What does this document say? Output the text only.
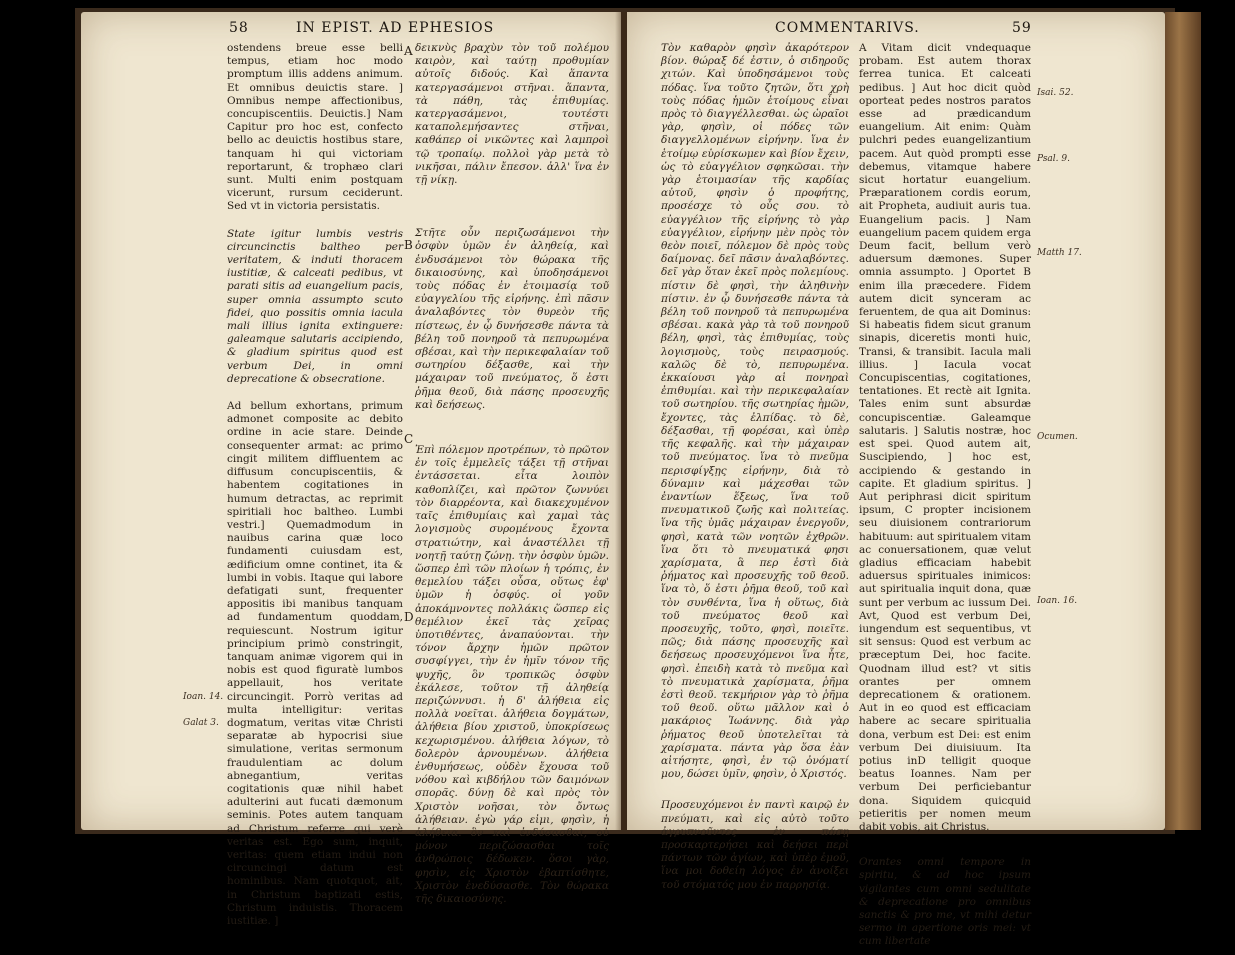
58	IN EPIST. AD EPHESIOS

ostendens breue esse belli tempus, etiam hoc modo promptum illis addens animum. Et omnibus deuictis stare. ] Omnibus nempe affectionibus, concupiscentiis. Deuictis.] Nam Capitur pro hoc est, confecto bello ac deuictis hostibus stare, tanquam hi qui victoriam reportarunt, & trophæo clari sunt. Multi enim postquam vicerunt, rursum ceciderunt. Sed vt in victoria persistatis.

State igitur lumbis vestris circuncinctis baltheo per veritatem, & induti thoracem iustitiæ, & calceati pedibus, vt parati sitis ad euangelium pacis, super omnia assumpto scuto fidei, quo possitis omnia iacula mali illius ignita extinguere: galeamque salutaris accipiendo, & gladium spiritus quod est verbum Dei, in omni deprecatione & obsecratione.

Ad bellum exhortans, primum admonet composite ac debito ordine in acie stare. Deinde consequenter armat: ac primo cingit militem diffluentem ac diffusum concupiscentiis, & habentem cogitationes in humum detractas, ac reprimit spiritiali hoc baltheo. Lumbi vestri.] Quemadmodum in nauibus carina quæ loco fundamenti cuiusdam est, ædificium omne continet, ita & lumbi in vobis. Itaque qui labore defatigati sunt, frequenter appositis ibi manibus tanquam ad fundamentum quoddam, requiescunt. Nostrum igitur principium primò constringit, tanquam animæ vigorem qui in nobis est quod figuratè lumbos appellauit, hos veritate circuncingit. Porrò veritas ad multa intelligitur: veritas dogmatum, veritas vitæ Christi separatæ ab hypocrisi siue simulatione, veritas sermonum fraudulentiam ac dolum abnegantium, veritas cogitationis quæ nihil habet adulterini aut fucati dæmonum seminis. Potes autem tanquam ad Christum referre qui verè veritas est. Ego sum, inquit, veritas: quem etiam indui non circuncingi datum est hominibus. Nam quotquot, ait, in Christum baptizati estis, Christum induistis. Thoracem iustitiæ. ]

δεικνὺς βραχὺν τὸν τοῦ πολέμου καιρὸν, καὶ ταύτῃ προθυμίαν αὐτοῖς διδούς. Καὶ ἅπαντα κατεργασάμενοι στῆναι. ἅπαντα, τὰ πάθη, τὰς ἐπιθυμίας. κατεργασάμενοι, τουτέστι καταπολεμήσαντες στῆναι, καθάπερ οἱ νικῶντες καὶ λαμπροὶ τῷ τροπαίῳ. πολλοὶ γὰρ μετὰ τὸ νικῆσαι, πάλιν ἔπεσον. ἀλλ' ἵνα ἐν τῇ νίκῃ.

Στῆτε οὖν περιζωσάμενοι τὴν ὀσφὺν ὑμῶν ἐν ἀληθείᾳ, καὶ ἐνδυσάμενοι τὸν θώρακα τῆς δικαιοσύνης, καὶ ὑποδησάμενοι τοὺς πόδας ἐν ἑτοιμασίᾳ τοῦ εὐαγγελίου τῆς εἰρήνης. ἐπὶ πᾶσιν ἀναλαβόντες τὸν θυρεὸν τῆς πίστεως, ἐν ᾧ δυνήσεσθε πάντα τὰ βέλη τοῦ πονηροῦ τὰ πεπυρωμένα σβέσαι, καὶ τὴν περικεφαλαίαν τοῦ σωτηρίου δέξασθε, καὶ τὴν μάχαιραν τοῦ πνεύματος, ὅ ἐστι ῥῆμα θεοῦ, διὰ πάσης προσευχῆς καὶ δεήσεως.

Ἐπὶ πόλεμον προτρέπων, τὸ πρῶτον ἐν τοῖς ἐμμελεῖς τάξει τῇ στῆναι ἐντάσσεται. εἶτα λοιπὸν καθοπλίζει, καὶ πρῶτον ζωννύει τὸν διαρρέοντα, καὶ διακεχυμένον ταῖς ἐπιθυμίαις καὶ χαμαὶ τὰς λογισμοὺς συρομένους ἔχοντα στρατιώτην, καὶ ἀναστέλλει τῇ νοητῇ ταύτῃ ζώνῃ. τὴν ὀσφὺν ὑμῶν. ὥσπερ ἐπὶ τῶν πλοίων ἡ τρόπις, ἐν θεμελίου τάξει οὖσα, οὕτως ἐφ' ὑμῶν ἡ ὀσφύς. οἱ γοῦν ἀποκάμνοντες πολλάκις ὥσπερ εἰς θεμέλιον ἐκεῖ τὰς χεῖρας ὑποτιθέντες, ἀναπαύονται. τὴν τόνον ἄρχην ἡμῶν πρῶτον συσφίγγει, τὴν ἐν ἡμῖν τόνον τῆς ψυχῆς, ὃν τροπικῶς ὀσφὺν ἐκάλεσε, τοῦτον τῇ ἀληθείᾳ περιζώννυσι. ἡ δ' ἀλήθεια εἰς πολλὰ νοεῖται. ἀλήθεια δογμάτων, ἀλήθεια βίου χριστοῦ, ὑποκρίσεως κεχωρισμένου. ἀλήθεια λόγων, τὸ δολερὸν ἀρνουμένων. ἀλήθεια ἐνθυμήσεως, οὐδὲν ἔχουσα τοῦ νόθου καὶ κιβδήλου τῶν δαιμόνων σπορᾶς. δύνῃ δὲ καὶ πρὸς τὸν Χριστὸν νοῆσαι, τὸν ὄντως ἀλήθειαν. ἐγὼ γάρ εἰμι, φησὶν, ἡ ἀλήθεια. ὃν καὶ ἐνδύσασθαι, οὐ μόνον περιζώσασθαι τοῖς ἀνθρώποις δέδωκεν. ὅσοι γὰρ, φησὶν, εἰς Χριστὸν ἐβαπτίσθητε, Χριστὸν ἐνεδύσασθε. Τὸν θώρακα τῆς δικαιοσύνης.

A
B
C
D
Ioan. 14.
Galat 3.
COMMENTARIVS.	59

Τὸν καθαρὸν φησὶν ἀκαρότερον βίον. θώραξ δέ ἐστιν, ὁ σιδηροῦς χιτών. Καὶ ὑποδησάμενοι τοὺς πόδας. ἵνα τοῦτο ζητῶν, ὅτι χρὴ τοὺς πόδας ἡμῶν ἑτοίμους εἶναι πρὸς τὸ διαγγέλλεσθαι. ὡς ὡραῖοι γὰρ, φησὶν, οἱ πόδες τῶν διαγγελλομένων εἰρήνην. ἵνα ἐν ἑτοίμῳ εὑρίσκωμεν καὶ βίον ἔχειν, ὡς τὸ εὐαγγέλιον σφηκῶσαι. τὴν γὰρ ἑτοιμασίαν τῆς καρδίας αὐτοῦ, φησὶν ὁ προφήτης, προσέσχε τὸ οὖς σου. τὸ εὐαγγέλιον τῆς εἰρήνης τὸ γὰρ εὐαγγέλιον, εἰρήνην μὲν πρὸς τὸν θεὸν ποιεῖ, πόλεμον δὲ πρὸς τοὺς δαίμονας. δεῖ πᾶσιν ἀναλαβόντες. δεῖ γὰρ ὅταν ἐκεῖ πρὸς πολεμίους. πίστιν δὲ φησὶ, τὴν ἀληθινὴν πίστιν. ἐν ᾧ δυνήσεσθε πάντα τὰ βέλη τοῦ πονηροῦ τὰ πεπυρωμένα σβέσαι. κακὰ γὰρ τὰ τοῦ πονηροῦ βέλη, φησὶ, τὰς ἐπιθυμίας, τοὺς λογισμοὺς, τοὺς πειρασμούς. καλῶς δὲ τὸ, πεπυρωμένα. ἐκκαίουσι γὰρ αἱ πονηραὶ ἐπιθυμίαι. καὶ τὴν περικεφαλαίαν τοῦ σωτηρίου. τῆς σωτηρίας ἡμῶν, ἔχοντες, τὰς ἐλπίδας. τὸ δὲ, δέξασθαι, τῇ φορέσαι, καὶ ὑπὲρ τῆς κεφαλῆς. καὶ τὴν μάχαιραν τοῦ πνεύματος. ἵνα τὸ πνεῦμα περισφίγξῃς εἰρήνην, διὰ τὸ δύναμιν καὶ μάχεσθαι τῶν ἐναντίων ἕξεως, ἵνα τοῦ πνευματικοῦ ζωῆς καὶ πολιτείας. ἵνα τῆς ὑμᾶς μάχαιραν ἐνεργοῦν, φησὶ, κατὰ τῶν νοητῶν ἐχθρῶν. ἵνα ὅτι τὸ πνευματικά φησι χαρίσματα, ἃ περ ἐστὶ διὰ ῥήματος καὶ προσευχῆς τοῦ θεοῦ. ἵνα τὸ, ὅ ἐστι ῥῆμα θεοῦ, τοῦ καὶ τὸν συνθέντα, ἵνα ἡ οὕτως, διὰ τοῦ πνεύματος θεοῦ καὶ προσευχῆς, τοῦτο, φησὶ, ποιεῖτε. πῶς; διὰ πάσης προσευχῆς καὶ δεήσεως προσευχόμενοι ἵνα ἦτε, φησὶ. ἐπειδὴ κατὰ τὸ πνεῦμα καὶ τὸ πνευματικὰ χαρίσματα, ῥῆμα ἐστὶ θεοῦ. τεκμήριον γὰρ τὸ ῥῆμα τοῦ θεοῦ. οὕτω μᾶλλον καὶ ὁ μακάριος Ἰωάννης. διὰ γὰρ ῥήματος θεοῦ ὑποτελεῖται τὰ χαρίσματα. πάντα γὰρ ὅσα ἐὰν αἰτήσητε, φησὶ, ἐν τῷ ὀνόματί μου, δώσει ὑμῖν, φησὶν, ὁ Χριστός.

Προσευχόμενοι ἐν παντὶ καιρῷ ἐν πνεύματι, καὶ εἰς αὐτὸ τοῦτο ἀγρυπνοῦντες ἐν πάσῃ προσκαρτερήσει καὶ δεήσει περὶ πάντων τῶν ἁγίων, καὶ ὑπὲρ ἐμοῦ, ἵνα μοι δοθείη λόγος ἐν ἀνοίξει τοῦ στόματός μου ἐν παρρησίᾳ.

A Vitam dicit vndequaque probam. Est autem thorax ferrea tunica. Et calceati pedibus. ] Aut hoc dicit quòd oporteat pedes nostros paratos esse ad prædicandum euangelium. Ait enim: Quàm pulchri pedes euangelizantium pacem. Aut quòd prompti esse debemus, vitamque habere sicut hortatur euangelium. Præparationem cordis eorum, ait Propheta, audiuit auris tua. Euangelium pacis. ] Nam euangelium pacem quidem erga Deum facit, bellum verò aduersum dæmones. Super omnia assumpto. ] Oportet B enim illa præcedere. Fidem autem dicit synceram ac feruentem, de qua ait Dominus: Si habeatis fidem sicut granum sinapis, diceretis monti huic, Transi, & transibit. Iacula mali illius. ] Iacula vocat Concupiscentias, cogitationes, tentationes. Et rectè ait Ignita. Tales enim sunt absurdæ concupiscentiæ. Galeamque salutaris. ] Salutis nostræ, hoc est spei. Quod autem ait, Suscipiendo, ] hoc est, accipiendo & gestando in capite. Et gladium spiritus. ] Aut periphrasi dicit spiritum ipsum, C propter incisionem seu diuisionem contrariorum habituum: aut spiritualem vitam ac conuersationem, quæ velut gladius efficaciam habebit aduersus spirituales inimicos: aut spiritualia inquit dona, quæ sunt per verbum ac iussum Dei. Avt, Quod est verbum Dei, iungendum est sequentibus, vt sit sensus: Quod est verbum ac præceptum Dei, hoc facite. Quodnam illud est? vt sitis orantes per omnem deprecationem & orationem. Aut in eo quod est efficaciam habere ac secare spiritualia dona, verbum est Dei: est enim verbum Dei diuisiuum. Ita potius inD telligit quoque beatus Ioannes. Nam per verbum Dei perficiebantur dona. Siquidem quicquid petieritis per nomen meum dabit vobis, ait Christus.

Orantes omni tempore in spiritu, & ad hoc ipsum vigilantes cum omni sedulitate & deprecatione pro omnibus sanctis & pro me, vt mihi detur sermo in apertione oris mei: vt cum libertate

Isai. 52.
Psal. 9.
Matth 17.
Ocumen.
Ioan. 16.
